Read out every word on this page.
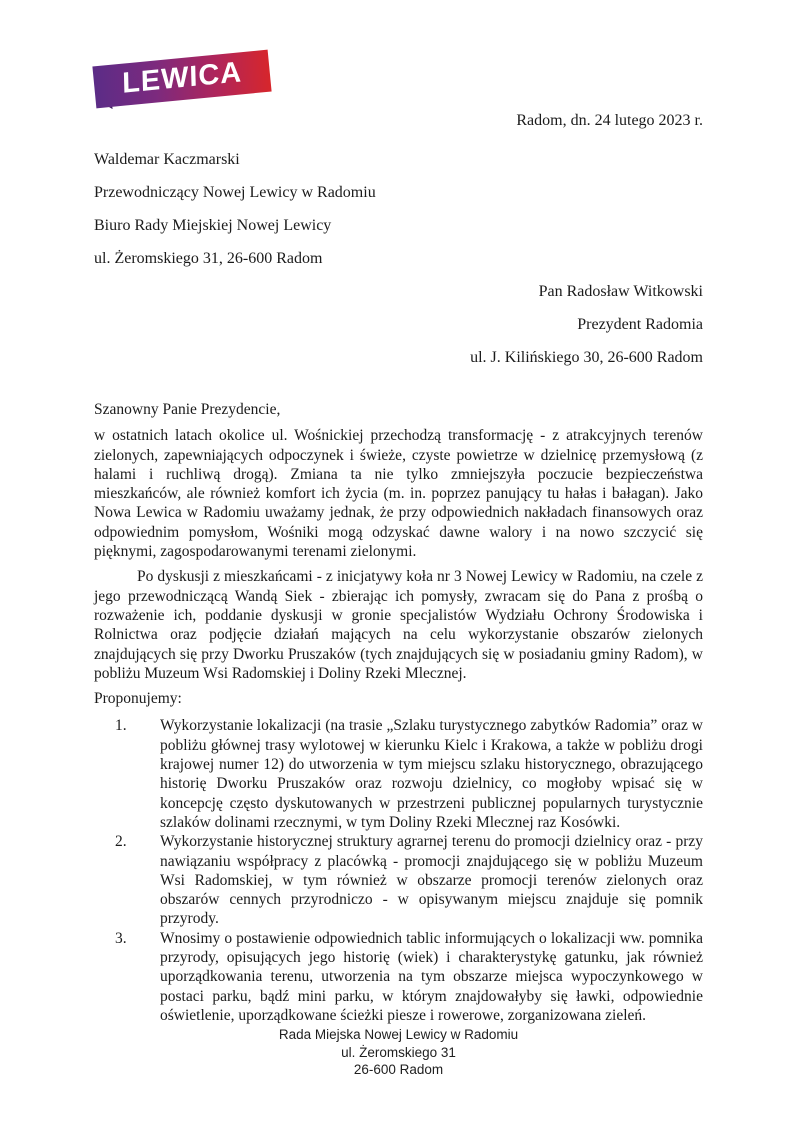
LEWICA

Radom, dn. 24 lutego 2023 r.

Waldemar Kaczmarski

Przewodniczący Nowej Lewicy w Radomiu

Biuro Rady Miejskiej Nowej Lewicy

ul. Żeromskiego 31, 26-600 Radom

Pan Radosław Witkowski

Prezydent Radomia

ul. J. Kilińskiego 30, 26-600 Radom

Szanowny Panie Prezydencie,

w ostatnich latach okolice ul. Wośnickiej przechodzą transformację - z atrakcyjnych terenów zielonych, zapewniających odpoczynek i świeże, czyste powietrze w dzielnicę przemysłową (z halami i ruchliwą drogą). Zmiana ta nie tylko zmniejszyła poczucie bezpieczeństwa mieszkańców, ale również komfort ich życia (m. in. poprzez panujący tu hałas i bałagan). Jako Nowa Lewica w Radomiu uważamy jednak, że przy odpowiednich nakładach finansowych oraz odpowiednim pomysłom, Wośniki mogą odzyskać dawne walory i na nowo szczycić się pięknymi, zagospodarowanymi terenami zielonymi.

Po dyskusji z mieszkańcami - z inicjatywy koła nr 3 Nowej Lewicy w Radomiu, na czele z jego przewodniczącą Wandą Siek - zbierając ich pomysły, zwracam się do Pana z prośbą o rozważenie ich, poddanie dyskusji w gronie specjalistów Wydziału Ochrony Środowiska i Rolnictwa oraz podjęcie działań mających na celu wykorzystanie obszarów zielonych znajdujących się przy Dworku Pruszaków (tych znajdujących się w posiadaniu gminy Radom), w pobliżu Muzeum Wsi Radomskiej i Doliny Rzeki Mlecznej.

Proponujemy:

1.	Wykorzystanie lokalizacji (na trasie „Szlaku turystycznego zabytków Radomia” oraz w pobliżu głównej trasy wylotowej w kierunku Kielc i Krakowa, a także w pobliżu drogi krajowej numer 12) do utworzenia w tym miejscu szlaku historycznego, obrazującego historię Dworku Pruszaków oraz rozwoju dzielnicy, co mogłoby wpisać się w koncepcję często dyskutowanych w przestrzeni publicznej popularnych turystycznie szlaków dolinami rzecznymi, w tym Doliny Rzeki Mlecznej raz Kosówki.
2.	Wykorzystanie historycznej struktury agrarnej terenu do promocji dzielnicy oraz - przy nawiązaniu współpracy z placówką - promocji znajdującego się w pobliżu Muzeum Wsi Radomskiej, w tym również w obszarze promocji terenów zielonych oraz obszarów cennych przyrodniczo - w opisywanym miejscu znajduje się pomnik przyrody.
3.	Wnosimy o postawienie odpowiednich tablic informujących o lokalizacji ww. pomnika przyrody, opisujących jego historię (wiek) i charakterystykę gatunku, jak również uporządkowania terenu, utworzenia na tym obszarze miejsca wypoczynkowego w postaci parku, bądź mini parku, w którym znajdowałyby się ławki, odpowiednie oświetlenie, uporządkowane ścieżki piesze i rowerowe, zorganizowana zieleń.

Rada Miejska Nowej Lewicy w Radomiu

ul. Żeromskiego 31

26-600 Radom
